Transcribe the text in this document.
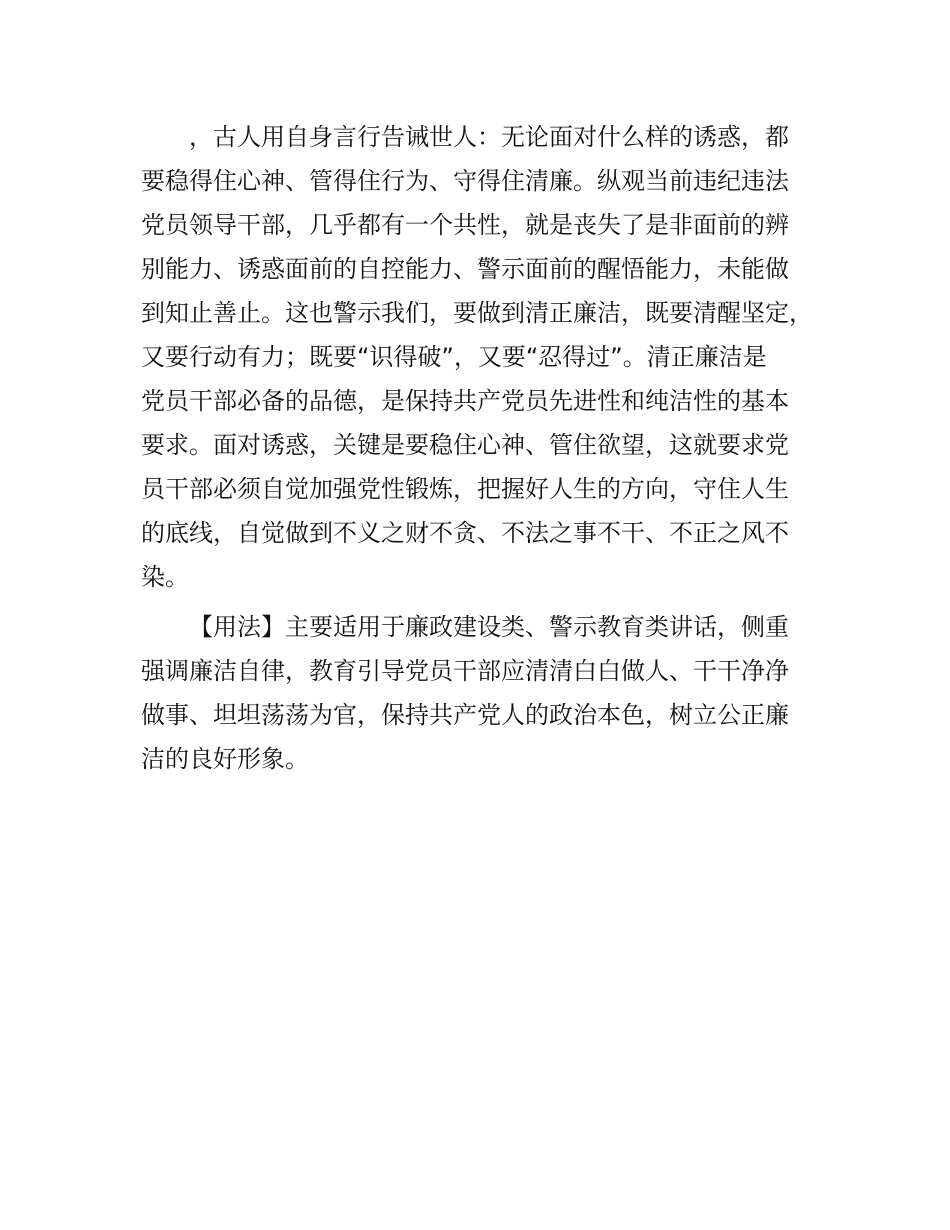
，古人用自身言行告诫世人：无论面对什么样的诱惑，都
要稳得住心神、管得住行为、守得住清廉。纵观当前违纪违法
党员领导干部，几乎都有一个共性，就是丧失了是非面前的辨
别能力、诱惑面前的自控能力、警示面前的醒悟能力，未能做
到知止善止。这也警示我们，要做到清正廉洁，既要清醒坚定，
又要行动有力；既要“识得破”，又要“忍得过”。清正廉洁是
党员干部必备的品德，是保持共产党员先进性和纯洁性的基本
要求。面对诱惑，关键是要稳住心神、管住欲望，这就要求党
员干部必须自觉加强党性锻炼，把握好人生的方向，守住人生
的底线，自觉做到不义之财不贪、不法之事不干、不正之风不
染。

【用法】主要适用于廉政建设类、警示教育类讲话，侧重
强调廉洁自律，教育引导党员干部应清清白白做人、干干净净
做事、坦坦荡荡为官，保持共产党人的政治本色，树立公正廉
洁的良好形象。
